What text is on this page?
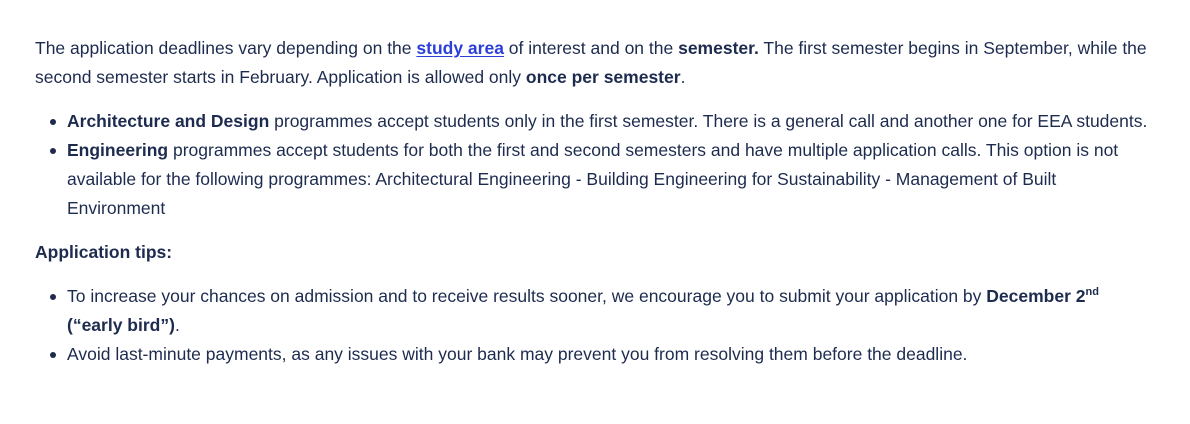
The application deadlines vary depending on the study area of interest and on the semester. The first semester begins in September, while the second semester starts in February. Application is allowed only once per semester.

Architecture and Design programmes accept students only in the first semester. There is a general call and another one for EEA students.
Engineering programmes accept students for both the first and second semesters and have multiple application calls. This option is not available for the following programmes: Architectural Engineering - Building Engineering for Sustainability - Management of Built Environment

Application tips:

To increase your chances on admission and to receive results sooner, we encourage you to submit your application by December 2nd (“early bird”).
Avoid last-minute payments, as any issues with your bank may prevent you from resolving them before the deadline.
